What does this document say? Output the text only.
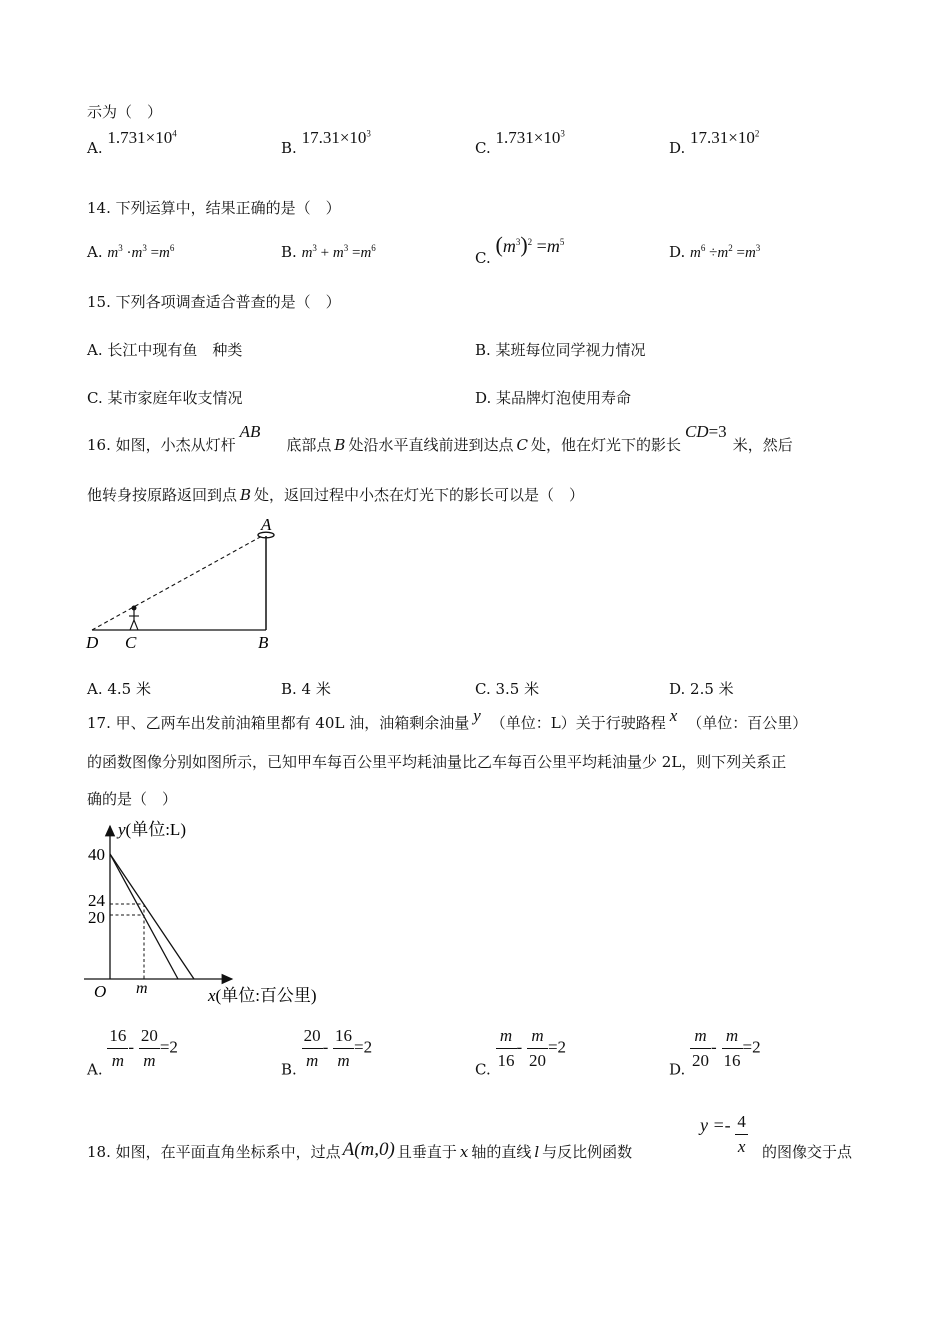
示为（　）
A. $1.731\times 10^4$
B. $17.31\times 10^3$
C. $1.731\times 10^3$
D. $17.31\times 10^2$
14. 下列运算中，结果正确的是（　）
A. $m^3 \cdot m^3 =m^6$	B. $m^3 + m^3 =m^6$
C. $(m^3)^2 =m^5$
D. $m^6 \div m^2 =m^3$
15. 下列各项调查适合普查的是（　）
A. 长江中现有鱼　种类	B. 某班每位同学视力情况
C. 某市家庭年收支情况	D. 某品牌灯泡使用寿命
16. 如图，小杰从灯杆AB底部点 B 处沿水平直线前进到达点 C 处，他在灯光下的影长CD=3米，然后
他转身按原路返回到点 B 处，返回过程中小杰在灯光下的影长可以是（　）
A
B
C
D
A. 4.5 米	B. 4 米	C. 3.5 米	D. 2.5 米
17. 甲、乙两车出发前油箱里都有 40L 油，油箱剩余油量 y （单位：L）关于行驶路程 x （单位：百公里）
的函数图像分别如图所示，已知甲车每百公里平均耗油量比乙车每百公里平均耗油量少 2L，则下列关系正
确的是（　）
40
24
20
O m
y(单位:L)
x(单位:百公里)
A. $\frac{16}{m} - \frac{20}{m} =2$
B. $\frac{20}{m} - \frac{16}{m} =2$
C. $\frac{m}{16} - \frac{m}{20} =2$
D. $\frac{m}{20} - \frac{m}{16} =2$
18. 如图，在平面直角坐标系中，过点 A(m,0) 且垂直于 x 轴的直线 l 与反比例函数
$y =- \frac{4}{x}$ 的图像交于点
